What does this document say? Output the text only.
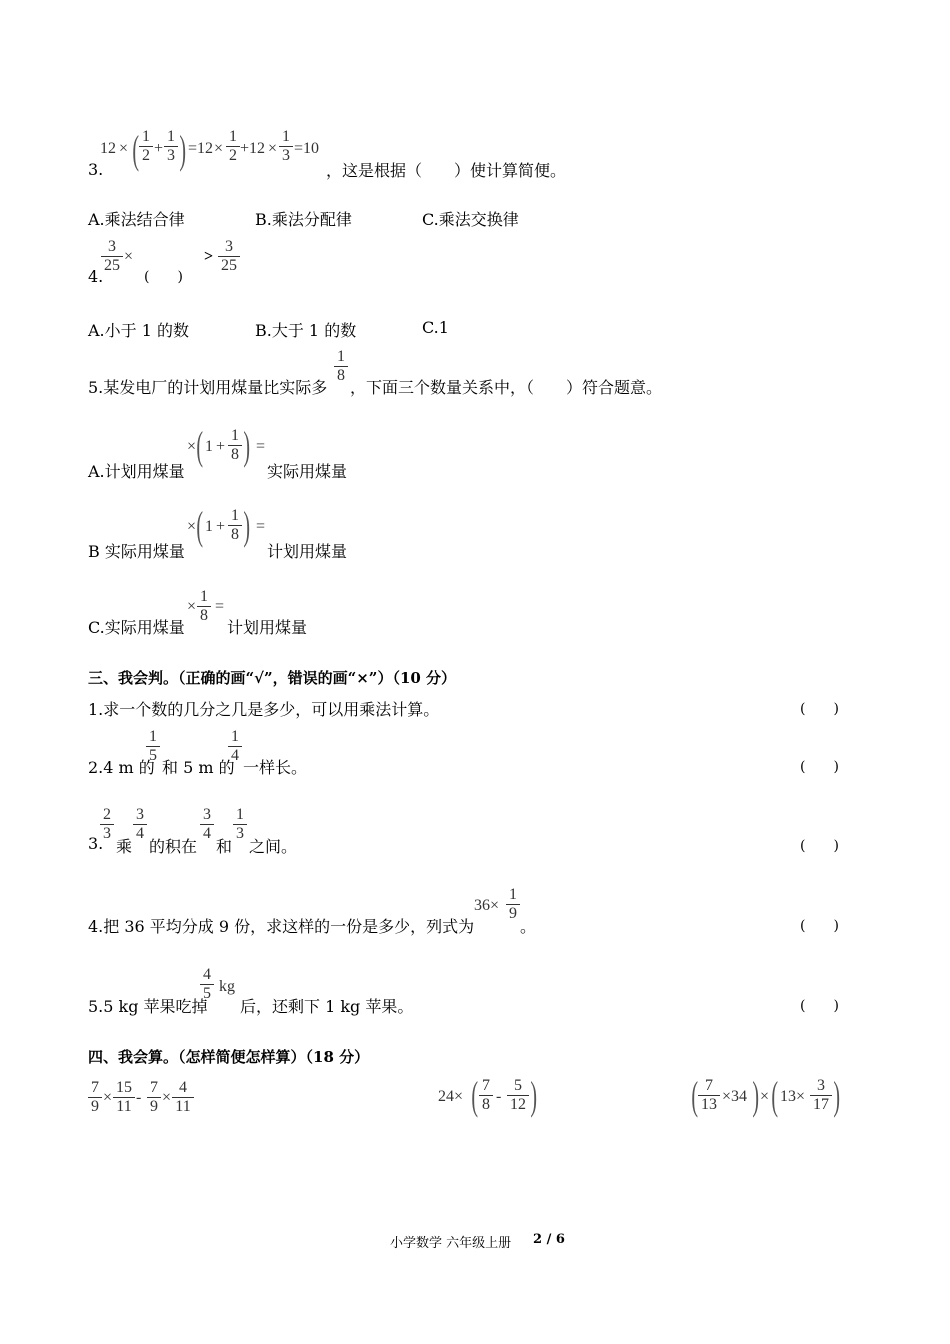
12 × ( $\frac{1}{2} + \frac{1}{3}$ ) $=12 \times \frac{1}{2} +12 \times \frac{1}{3} =10$
3.	，这是根据（　　）使计算简便。
A.乘法结合律	B.乘法分配律	C.乘法交换律
$\frac{3}{25}$ ×
4.	(　　)
> $\frac{3}{25}$
A.小于 1 的数	B.大于 1 的数	C.1
5.某发电厂的计划用煤量比实际多
$\frac{1}{8}$
，下面三个数量关系中，（　　）符合题意。
× ( $1 + \frac{1}{8}$ ) =
A.计划用煤量	实际用煤量
× ( $1 + \frac{1}{8}$ ) =
B 实际用煤量	计划用煤量
× $\frac{1}{8}$ =
C.实际用煤量	计划用煤量
三、我会判。（正确的画“√”，错误的画“×”）（10 分）
1.求一个数的几分之几是多少，可以用乘法计算。	(　　)
2.4 m 的
$\frac{1}{5}$
和 5 m 的
$\frac{1}{4}$
一样长。	(　　)
3.
$\frac{2}{3}$
乘
$\frac{3}{4}$
的积在
$\frac{3}{4}$
和
$\frac{1}{3}$
之间。	(　　)
4.把 36 平均分成 9 份，求这样的一份是多少，列式为
$36\times \frac{1}{9}$
。	(　　)
5.5 kg 苹果吃掉
$\frac{4}{5}$ kg
后，还剩下 1 kg 苹果。	(　　)
四、我会算。（怎样简便怎样算）（18 分）
$\frac{7}{9} \times \frac{15}{11} - \frac{7}{9} \times \frac{4}{11}$	24× ( $\frac{7}{8} - \frac{5}{12}$ )	( $\frac{7}{13} \times 34$ ) × ( $13\times \frac{3}{17}$ )
小学数学 六年级上册 2 / 6
